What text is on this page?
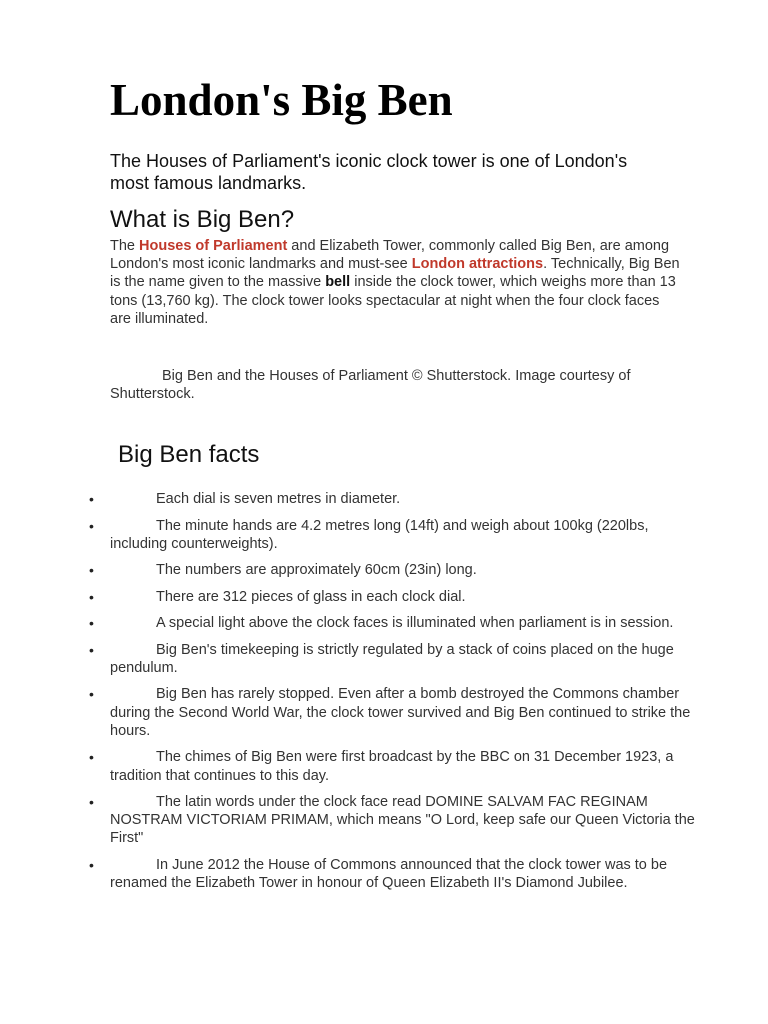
London's Big Ben

The Houses of Parliament's iconic clock tower is one of London's most famous landmarks.

What is Big Ben?

The Houses of Parliament and Elizabeth Tower, commonly called Big Ben, are among London's most iconic landmarks and must-see London attractions. Technically, Big Ben is the name given to the massive bell inside the clock tower, which weighs more than 13 tons (13,760 kg). The clock tower looks spectacular at night when the four clock faces are illuminated.

Big Ben and the Houses of Parliament © Shutterstock. Image courtesy of Shutterstock.

Big Ben facts
•	Each dial is seven metres in diameter.
•	The minute hands are 4.2 metres long (14ft) and weigh about 100kg (220lbs, including counterweights).
•	The numbers are approximately 60cm (23in) long.
•	There are 312 pieces of glass in each clock dial.
•	A special light above the clock faces is illuminated when parliament is in session.
•	Big Ben's timekeeping is strictly regulated by a stack of coins placed on the huge pendulum.
•	Big Ben has rarely stopped. Even after a bomb destroyed the Commons chamber during the Second World War, the clock tower survived and Big Ben continued to strike the hours.
•	The chimes of Big Ben were first broadcast by the BBC on 31 December 1923, a tradition that continues to this day.
•	The latin words under the clock face read DOMINE SALVAM FAC REGINAM NOSTRAM VICTORIAM PRIMAM, which means "O Lord, keep safe our Queen Victoria the First"
•	In June 2012 the House of Commons announced that the clock tower was to be renamed the Elizabeth Tower in honour of Queen Elizabeth II's Diamond Jubilee.
